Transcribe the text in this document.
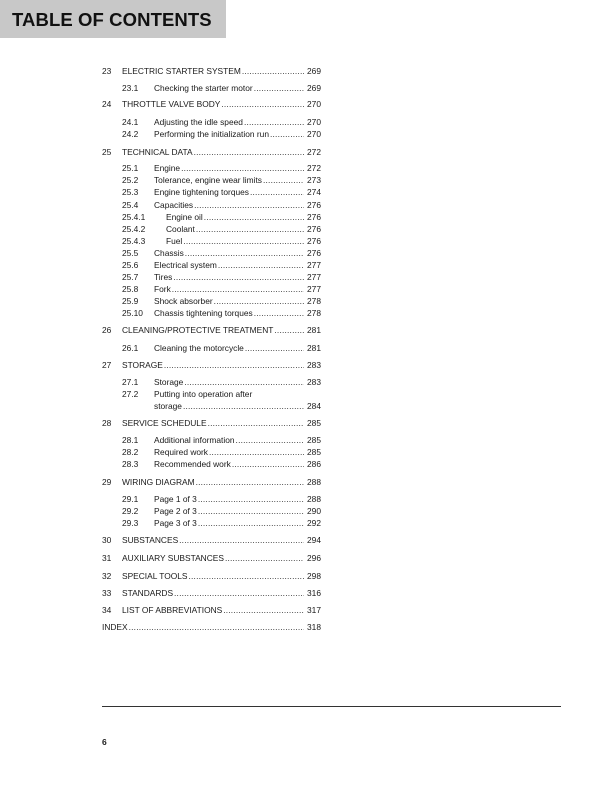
TABLE OF CONTENTS
23 ELECTRIC STARTER SYSTEM .....	269
23.1 Checking the starter motor .....	269
24 THROTTLE VALVE BODY .....	270
24.1 Adjusting the idle speed .....	270
24.2 Performing the initialization run .....	270
25 TECHNICAL DATA .....	272
25.1 Engine .....	272
25.2 Tolerance, engine wear limits .....	273
25.3 Engine tightening torques .....	274
25.4 Capacities .....	276
25.4.1 Engine oil .....	276
25.4.2 Coolant .....	276
25.4.3 Fuel .....	276
25.5 Chassis .....	276
25.6 Electrical system .....	277
25.7 Tires .....	277
25.8 Fork .....	277
25.9 Shock absorber .....	278
25.10 Chassis tightening torques .....	278
26 CLEANING/PROTECTIVE TREATMENT .....	281
26.1 Cleaning the motorcycle .....	281
27 STORAGE .....	283
27.1 Storage .....	283
27.2 Putting into operation after
storage .....	284
28 SERVICE SCHEDULE .....	285
28.1 Additional information .....	285
28.2 Required work .....	285
28.3 Recommended work .....	286
29 WIRING DIAGRAM .....	288
29.1 Page 1 of 3 .....	288
29.2 Page 2 of 3 .....	290
29.3 Page 3 of 3 .....	292
30 SUBSTANCES .....	294
31 AUXILIARY SUBSTANCES .....	296
32 SPECIAL TOOLS .....	298
33 STANDARDS .....	316
34 LIST OF ABBREVIATIONS .....	317
INDEX .....	318
6
